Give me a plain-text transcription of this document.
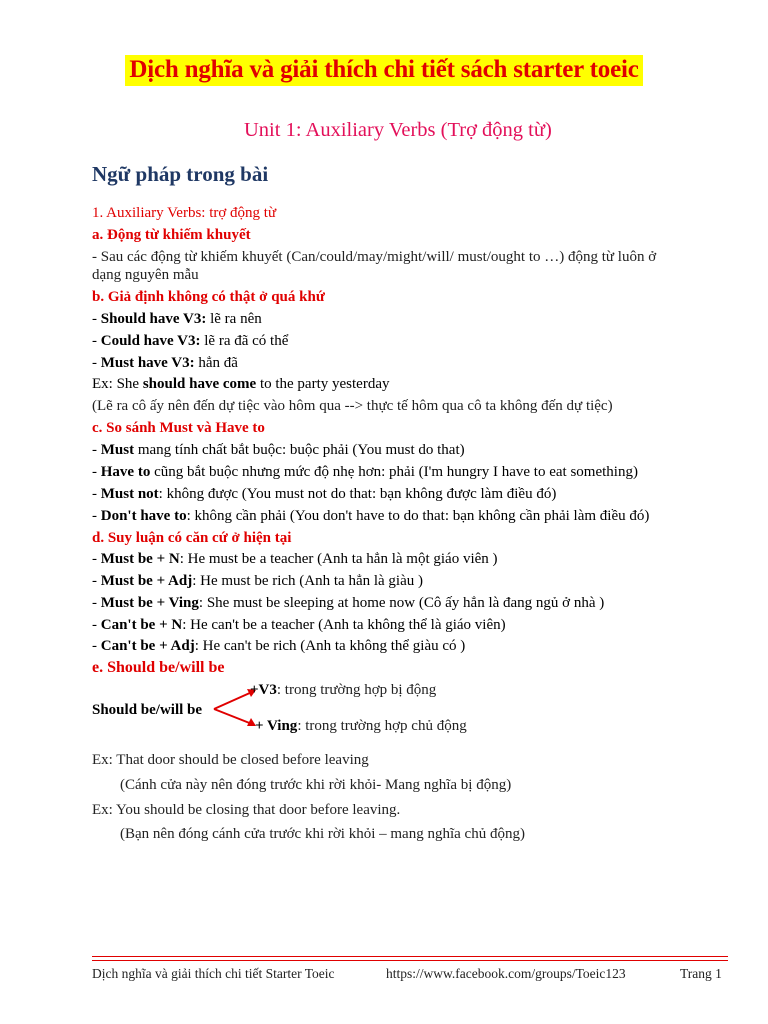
Dịch nghĩa và giải thích chi tiết sách starter toeic
Unit 1: Auxiliary Verbs (Trợ động từ)
Ngữ pháp trong bài
1. Auxiliary Verbs: trợ động từ
a. Động từ khiếm khuyết
- Sau các động từ khiếm khuyết (Can/could/may/might/will/ must/ought to …) động từ luôn ở
dạng nguyên mẫu
b. Giả định không có thật ở quá khứ
- Should have V3: lẽ ra nên
- Could have V3: lẽ ra đã có thể
- Must have V3: hẳn đã
Ex: She should have come to the party yesterday
(Lẽ ra cô ấy nên đến dự tiệc vào hôm qua --> thực tế hôm qua cô ta không đến dự tiệc)
c. So sánh Must và Have to
- Must mang tính chất bắt buộc: buộc phải (You must do that)
- Have to cũng bắt buộc nhưng mức độ nhẹ hơn: phải (I'm hungry I have to eat something)
- Must not: không được (You must not do that: bạn không được làm điều đó)
- Don't have to: không cần phải (You don't have to do that: bạn không cần phải làm điều đó)
d. Suy luận có căn cứ ở hiện tại
- Must be + N: He must be a teacher (Anh ta hẳn là một giáo viên )
- Must be + Adj: He must be rich (Anh ta hẳn là giàu )
- Must be + Ving: She must be sleeping at home now (Cô ấy hẳn là đang ngủ ở nhà )
- Can't be + N: He can't be a teacher (Anh ta không thể là giáo viên)
- Can't be + Adj: He can't be rich (Anh ta không thể giàu có )
e. Should be/will be
Should be/will be
+V3: trong trường hợp bị động
+ Ving: trong trường hợp chủ động
Ex: That door should be closed before leaving
(Cánh cửa này nên đóng trước khi rời khỏi- Mang nghĩa bị động)
Ex: You should be closing that door before leaving.
(Bạn nên đóng cánh cửa trước khi rời khỏi – mang nghĩa chủ động)
Dịch nghĩa và giải thích chi tiết Starter Toeic	https://www.facebook.com/groups/Toeic123	Trang 1
